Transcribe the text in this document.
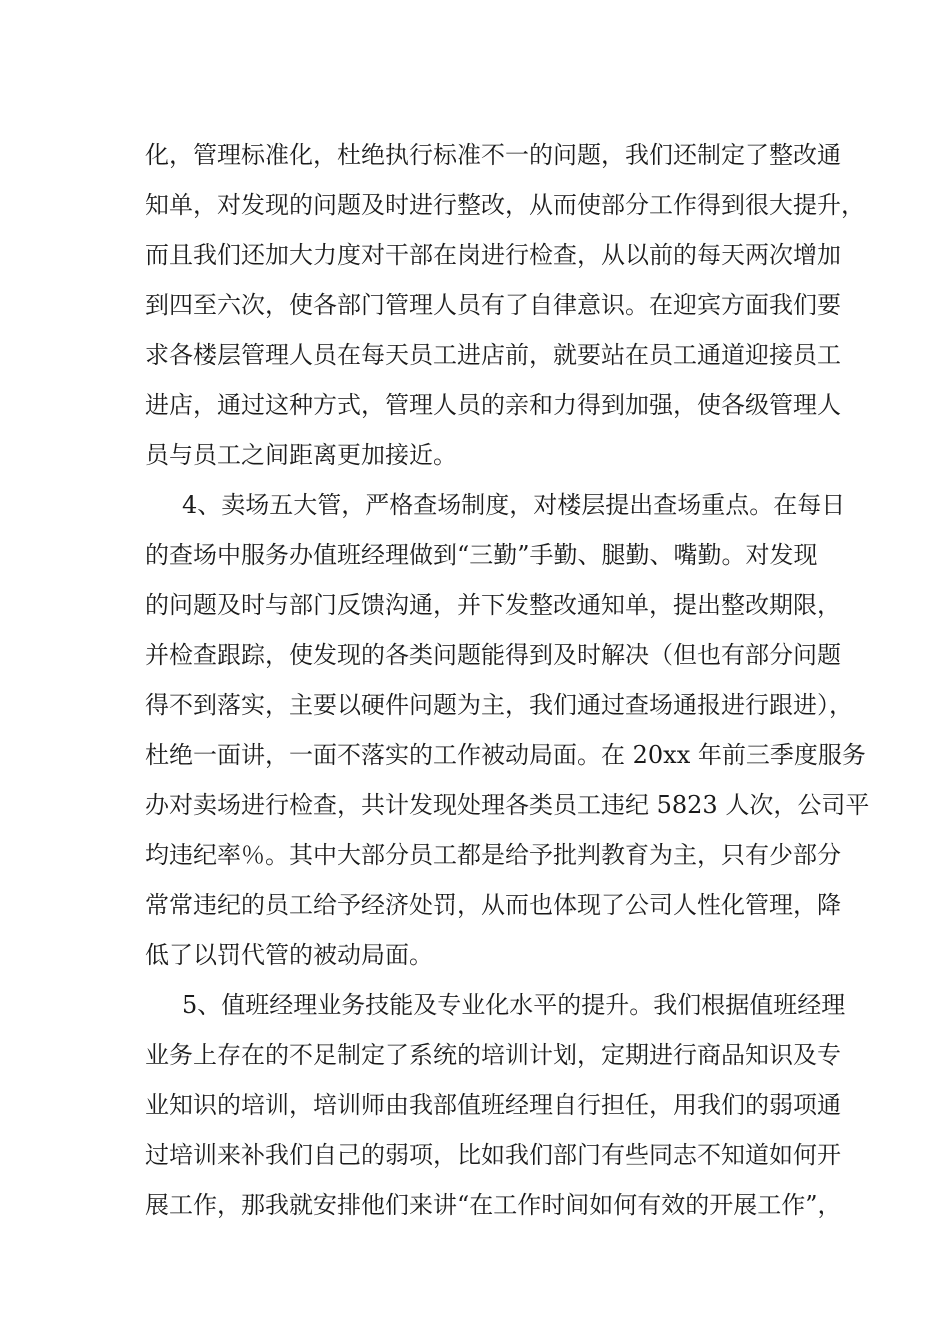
化，管理标准化，杜绝执行标准不一的问题，我们还制定了整改通
知单，对发现的问题及时进行整改，从而使部分工作得到很大提升，
而且我们还加大力度对干部在岗进行检查，从以前的每天两次增加
到四至六次，使各部门管理人员有了自律意识。在迎宾方面我们要
求各楼层管理人员在每天员工进店前，就要站在员工通道迎接员工
进店，通过这种方式，管理人员的亲和力得到加强，使各级管理人
员与员工之间距离更加接近。
4、卖场五大管，严格查场制度，对楼层提出查场重点。在每日
的查场中服务办值班经理做到“三勤”手勤、腿勤、嘴勤。对发现
的问题及时与部门反馈沟通，并下发整改通知单，提出整改期限，
并检查跟踪，使发现的各类问题能得到及时解决（但也有部分问题
得不到落实，主要以硬件问题为主，我们通过查场通报进行跟进），
杜绝一面讲，一面不落实的工作被动局面。在 20xx 年前三季度服务
办对卖场进行检查，共计发现处理各类员工违纪 5823 人次，公司平
均违纪率％。其中大部分员工都是给予批判教育为主，只有少部分
常常违纪的员工给予经济处罚，从而也体现了公司人性化管理，降
低了以罚代管的被动局面。
5、值班经理业务技能及专业化水平的提升。我们根据值班经理
业务上存在的不足制定了系统的培训计划，定期进行商品知识及专
业知识的培训，培训师由我部值班经理自行担任，用我们的弱项通
过培训来补我们自己的弱项，比如我们部门有些同志不知道如何开
展工作，那我就安排他们来讲“在工作时间如何有效的开展工作”，
